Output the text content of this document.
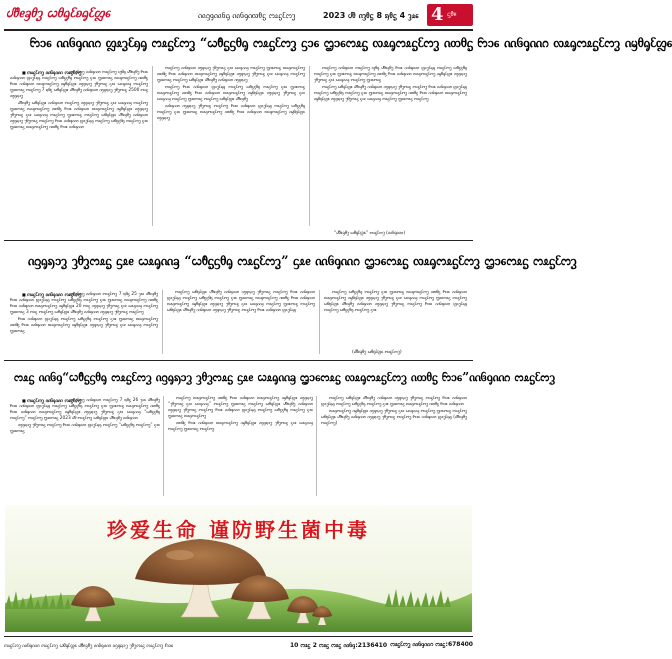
ᦔᦹᧉᦃᦲᧆ ᦍᦲᧂᦷᦈᧂᦷᦜᧈ	ᦶᦋᧁᦶᦑᧂ ᦶᦑᧁᦵᦟᦲᧃ ᦂᦸᧃᦷᦂᧆ	2023 ᦔᦲ ᦵᦡᦲᧃ 8 ᦣᦲᧃ 4 ᦡᦸᧈ 4 ᦓᦹᧉ
ᦝᦱᧈ ᦶᦑᧁᦶᦅ ᦜᦸᧆᦷᦏᧂ ᦂᦸᧃᦷᦂᧆ “ᦍᦹᧃᦓᦲᧂ ᦂᦸᧃᦷᦂᧆ ᦓᦱᧈ ᦗᦱᧈᦂᦸᧃ ᦟᦸᧂᦂᦸᧃᦷᦂᧆ ᦵᦎᦲᧃ ᦝᦱᧈ ᦶᦑᧁᦶᦅ ᦟᦸᧂᦂᦸᧃᦷᦂᧆ ᦵᦙᦲᧂᦷᦜᧈ
■ ᦂᦸᧃᦷᦂᧆ ᦶᦑᧁᦶᦅ ᦂᦸᧃᦷᦂᧆ

ᦂᦸᧃᦷᦂᧆ ᦶᦑᧁᦶᦅ ᦂᦸᧃᦷᦂᧆ ᦐᦲᧂ ᦔᦹᧉᦃᦲᧆ ᦝᦱᧈ ᦶᦑᧁᦶᦅ ᦜᦸᧆᦷᦏᧂ ᦂᦸᧃᦷᦂᧆ ᦍᦹᧃᦓᦲᧂ ᦂᦸᧃᦷᦂᧆ ᦓᦱᧈ ᦗᦱᧈᦂᦸᧃ ᦟᦸᧂᦂᦸᧃᦷᦂᧆ ᦵᦎᦲᧃ ᦝᦱᧈ ᦶᦑᧁᦶᦅ ᦟᦸᧂᦂᦸᧃᦷᦂᧆ ᦵᦙᦲᧂᦷᦜᧈ ᦵᦋᧂᦣᦱᧆ ᦡᦲᧆᦂᦸᧃ ᦓᦸᧉ ᦍᦸᧂᦶᦃ ᦂᦸᧃᦷᦂᧆ ᦗᦱᧈᦂᦸᧃ ᦂᦸᧃᦷᦂᧆ 7 ᦣᦲᧃ ᦍᦲᧂᦷᦜᧈ ᦔᦹᧉᦃᦲᧆ ᦶᦑᧁᦶᦅ ᦵᦋᧂᦣᦱᧆ ᦡᦲᧆᦂᦸᧃ 2500 ᦂᦸᧃ ᦵᦋᧂᦣᦱᧆ

ᦔᦹᧉᦃᦲᧆ ᦍᦲᧂᦷᦜᧈ ᦶᦑᧁᦶᦅ ᦂᦸᧃᦷᦂᧆ ᦵᦋᧂᦣᦱᧆ ᦡᦲᧆᦂᦸᧃ ᦓᦸᧉ ᦍᦸᧂᦶᦃ ᦂᦸᧃᦷᦂᧆ ᦗᦱᧈᦂᦸᧃ ᦟᦸᧂᦂᦸᧃᦷᦂᧆ ᦵᦎᦲᧃ ᦝᦱᧈ ᦶᦑᧁᦶᦅ ᦟᦸᧂᦂᦸᧃᦷᦂᧆ ᦵᦙᦲᧂᦷᦜᧈ ᦵᦋᧂᦣᦱᧆ ᦡᦲᧆᦂᦸᧃ ᦓᦸᧉ ᦍᦸᧂᦶᦃ ᦂᦸᧃᦷᦂᧆ ᦗᦱᧈᦂᦸᧃ ᦂᦸᧃᦷᦂᧆ ᦍᦲᧂᦷᦜᧈ ᦔᦹᧉᦃᦲᧆ ᦶᦑᧁᦶᦅ ᦵᦋᧂᦣᦱᧆ ᦡᦲᧆᦂᦸᧃ ᦂᦸᧃᦷᦂᧆ ᦝᦱᧈ ᦶᦑᧁᦶᦅ ᦜᦸᧆᦷᦏᧂ ᦂᦸᧃᦷᦂᧆ ᦍᦹᧃᦓᦲᧂ ᦂᦸᧃᦷᦂᧆ ᦓᦱᧈ ᦗᦱᧈᦂᦸᧃ ᦟᦸᧂᦂᦸᧃᦷᦂᧆ ᦵᦎᦲᧃ ᦝᦱᧈ ᦶᦑᧁᦶᦅ

ᦂᦸᧃᦷᦂᧆ ᦶᦑᧁᦶᦅ ᦵᦋᧂᦣᦱᧆ ᦡᦲᧆᦂᦸᧃ ᦓᦸᧉ ᦍᦸᧂᦶᦃ ᦂᦸᧃᦷᦂᧆ ᦗᦱᧈᦂᦸᧃ ᦟᦸᧂᦂᦸᧃᦷᦂᧆ ᦵᦎᦲᧃ ᦝᦱᧈ ᦶᦑᧁᦶᦅ ᦟᦸᧂᦂᦸᧃᦷᦂᧆ ᦵᦙᦲᧂᦷᦜᧈ ᦵᦋᧂᦣᦱᧆ ᦡᦲᧆᦂᦸᧃ ᦓᦸᧉ ᦍᦸᧂᦶᦃ ᦂᦸᧃᦷᦂᧆ ᦗᦱᧈᦂᦸᧃ ᦂᦸᧃᦷᦂᧆ ᦍᦲᧂᦷᦜᧈ ᦔᦹᧉᦃᦲᧆ ᦶᦑᧁᦶᦅ ᦵᦋᧂᦣᦱᧆ

ᦂᦸᧃᦷᦂᧆ ᦝᦱᧈ ᦶᦑᧁᦶᦅ ᦜᦸᧆᦷᦏᧂ ᦂᦸᧃᦷᦂᧆ ᦍᦹᧃᦓᦲᧂ ᦂᦸᧃᦷᦂᧆ ᦓᦱᧈ ᦗᦱᧈᦂᦸᧃ ᦟᦸᧂᦂᦸᧃᦷᦂᧆ ᦵᦎᦲᧃ ᦝᦱᧈ ᦶᦑᧁᦶᦅ ᦟᦸᧂᦂᦸᧃᦷᦂᧆ ᦵᦙᦲᧂᦷᦜᧈ ᦵᦋᧂᦣᦱᧆ ᦡᦲᧆᦂᦸᧃ ᦓᦸᧉ ᦍᦸᧂᦶᦃ ᦂᦸᧃᦷᦂᧆ ᦗᦱᧈᦂᦸᧃ ᦂᦸᧃᦷᦂᧆ ᦍᦲᧂᦷᦜᧈ ᦔᦹᧉᦃᦲᧆ

ᦶᦑᧁᦶᦅ ᦵᦋᧂᦣᦱᧆ ᦡᦲᧆᦂᦸᧃ ᦂᦸᧃᦷᦂᧆ ᦝᦱᧈ ᦶᦑᧁᦶᦅ ᦜᦸᧆᦷᦏᧂ ᦂᦸᧃᦷᦂᧆ ᦍᦹᧃᦓᦲᧂ ᦂᦸᧃᦷᦂᧆ ᦓᦱᧈ ᦗᦱᧈᦂᦸᧃ ᦟᦸᧂᦂᦸᧃᦷᦂᧆ ᦵᦎᦲᧃ ᦝᦱᧈ ᦶᦑᧁᦶᦅ ᦟᦸᧂᦂᦸᧃᦷᦂᧆ ᦵᦙᦲᧂᦷᦜᧈ ᦵᦋᧂᦣᦱᧆ

ᦂᦸᧃᦷᦂᧆ ᦶᦑᧁᦶᦅ ᦂᦸᧃᦷᦂᧆ ᦐᦲᧂ ᦔᦹᧉᦃᦲᧆ ᦝᦱᧈ ᦶᦑᧁᦶᦅ ᦜᦸᧆᦷᦏᧂ ᦂᦸᧃᦷᦂᧆ ᦍᦹᧃᦓᦲᧂ ᦂᦸᧃᦷᦂᧆ ᦓᦱᧈ ᦗᦱᧈᦂᦸᧃ ᦟᦸᧂᦂᦸᧃᦷᦂᧆ ᦵᦎᦲᧃ ᦝᦱᧈ ᦶᦑᧁᦶᦅ ᦟᦸᧂᦂᦸᧃᦷᦂᧆ ᦵᦙᦲᧂᦷᦜᧈ ᦵᦋᧂᦣᦱᧆ ᦡᦲᧆᦂᦸᧃ ᦓᦸᧉ ᦍᦸᧂᦶᦃ ᦂᦸᧃᦷᦂᧆ ᦗᦱᧈᦂᦸᧃ

ᦂᦸᧃᦷᦂᧆ ᦍᦲᧂᦷᦜᧈ ᦔᦹᧉᦃᦲᧆ ᦶᦑᧁᦶᦅ ᦵᦋᧂᦣᦱᧆ ᦡᦲᧆᦂᦸᧃ ᦂᦸᧃᦷᦂᧆ ᦝᦱᧈ ᦶᦑᧁᦶᦅ ᦜᦸᧆᦷᦏᧂ ᦂᦸᧃᦷᦂᧆ ᦍᦹᧃᦓᦲᧂ ᦂᦸᧃᦷᦂᧆ ᦓᦱᧈ ᦗᦱᧈᦂᦸᧃ ᦟᦸᧂᦂᦸᧃᦷᦂᧆ ᦵᦎᦲᧃ ᦝᦱᧈ ᦶᦑᧁᦶᦅ ᦟᦸᧂᦂᦸᧃᦷᦂᧆ ᦵᦙᦲᧂᦷᦜᧈ ᦵᦋᧂᦣᦱᧆ ᦡᦲᧆᦂᦸᧃ ᦓᦸᧉ ᦍᦸᧂᦶᦃ ᦂᦸᧃᦷᦂᧆ ᦗᦱᧈᦂᦸᧃ ᦂᦸᧃᦷᦂᧆ

“ᦔᦹᧉᦃᦲᧆ ᦍᦲᧂᦷᦜᧈ” ᦂᦸᧃᦷᦂᧆ (ᦶᦑᧁᦶᦅ)
ᦵᦋᧂᦣᦱᧆ ᦡᦲᧆᦂᦸᧃ ᦓᦸᧉ ᦍᦸᧂᦶᦃ “ᦍᦹᧃᦓᦲᧂ ᦂᦸᧃᦷᦂᧆ” ᦓᦸᧉ ᦶᦑᧁᦶᦅ ᦗᦱᧈᦂᦸᧃ ᦟᦸᧂᦂᦸᧃᦷᦂᧆ ᦗᦱᧈᦂᦸᧃ ᦂᦸᧃᦷᦂᧆ
■ ᦂᦸᧃᦷᦂᧆ ᦶᦑᧁᦶᦅ ᦂᦸᧃᦷᦂᧆ

ᦂᦸᧃᦷᦂᧆ ᦶᦑᧁᦶᦅ ᦂᦸᧃᦷᦂᧆ 7 ᦣᦲᧃ 25 ᦡᦸᧈ ᦔᦹᧉᦃᦲᧆ ᦝᦱᧈ ᦶᦑᧁᦶᦅ ᦜᦸᧆᦷᦏᧂ ᦂᦸᧃᦷᦂᧆ ᦍᦹᧃᦓᦲᧂ ᦂᦸᧃᦷᦂᧆ ᦓᦱᧈ ᦗᦱᧈᦂᦸᧃ ᦟᦸᧂᦂᦸᧃᦷᦂᧆ ᦵᦎᦲᧃ ᦝᦱᧈ ᦶᦑᧁᦶᦅ ᦟᦸᧂᦂᦸᧃᦷᦂᧆ ᦵᦙᦲᧂᦷᦜᧈ 20 ᦂᦸᧃ ᦵᦋᧂᦣᦱᧆ ᦡᦲᧆᦂᦸᧃ ᦓᦸᧉ ᦍᦸᧂᦶᦃ ᦂᦸᧃᦷᦂᧆ ᦗᦱᧈᦂᦸᧃ 3 ᦂᦸᧃ ᦂᦸᧃᦷᦂᧆ ᦍᦲᧂᦷᦜᧈ ᦔᦹᧉᦃᦲᧆ ᦶᦑᧁᦶᦅ ᦵᦋᧂᦣᦱᧆ ᦡᦲᧆᦂᦸᧃ ᦂᦸᧃᦷᦂᧆ

ᦝᦱᧈ ᦶᦑᧁᦶᦅ ᦜᦸᧆᦷᦏᧂ ᦂᦸᧃᦷᦂᧆ ᦍᦹᧃᦓᦲᧂ ᦂᦸᧃᦷᦂᧆ ᦓᦱᧈ ᦗᦱᧈᦂᦸᧃ ᦟᦸᧂᦂᦸᧃᦷᦂᧆ ᦵᦎᦲᧃ ᦝᦱᧈ ᦶᦑᧁᦶᦅ ᦟᦸᧂᦂᦸᧃᦷᦂᧆ ᦵᦙᦲᧂᦷᦜᧈ ᦵᦋᧂᦣᦱᧆ ᦡᦲᧆᦂᦸᧃ ᦓᦸᧉ ᦍᦸᧂᦶᦃ ᦂᦸᧃᦷᦂᧆ ᦗᦱᧈᦂᦸᧃ

ᦂᦸᧃᦷᦂᧆ ᦍᦲᧂᦷᦜᧈ ᦔᦹᧉᦃᦲᧆ ᦶᦑᧁᦶᦅ ᦵᦋᧂᦣᦱᧆ ᦡᦲᧆᦂᦸᧃ ᦂᦸᧃᦷᦂᧆ ᦝᦱᧈ ᦶᦑᧁᦶᦅ ᦜᦸᧆᦷᦏᧂ ᦂᦸᧃᦷᦂᧆ ᦍᦹᧃᦓᦲᧂ ᦂᦸᧃᦷᦂᧆ ᦓᦱᧈ ᦗᦱᧈᦂᦸᧃ ᦟᦸᧂᦂᦸᧃᦷᦂᧆ ᦵᦎᦲᧃ ᦝᦱᧈ ᦶᦑᧁᦶᦅ ᦟᦸᧂᦂᦸᧃᦷᦂᧆ ᦵᦙᦲᧂᦷᦜᧈ ᦵᦋᧂᦣᦱᧆ ᦡᦲᧆᦂᦸᧃ ᦓᦸᧉ ᦍᦸᧂᦶᦃ ᦂᦸᧃᦷᦂᧆ ᦗᦱᧈᦂᦸᧃ ᦂᦸᧃᦷᦂᧆ ᦍᦲᧂᦷᦜᧈ ᦔᦹᧉᦃᦲᧆ ᦶᦑᧁᦶᦅ ᦵᦋᧂᦣᦱᧆ ᦡᦲᧆᦂᦸᧃ ᦂᦸᧃᦷᦂᧆ ᦝᦱᧈ ᦶᦑᧁᦶᦅ ᦜᦸᧆᦷᦏᧂ

ᦂᦸᧃᦷᦂᧆ ᦍᦹᧃᦓᦲᧂ ᦂᦸᧃᦷᦂᧆ ᦓᦱᧈ ᦗᦱᧈᦂᦸᧃ ᦟᦸᧂᦂᦸᧃᦷᦂᧆ ᦵᦎᦲᧃ ᦝᦱᧈ ᦶᦑᧁᦶᦅ ᦟᦸᧂᦂᦸᧃᦷᦂᧆ ᦵᦙᦲᧂᦷᦜᧈ ᦵᦋᧂᦣᦱᧆ ᦡᦲᧆᦂᦸᧃ ᦓᦸᧉ ᦍᦸᧂᦶᦃ ᦂᦸᧃᦷᦂᧆ ᦗᦱᧈᦂᦸᧃ ᦂᦸᧃᦷᦂᧆ ᦍᦲᧂᦷᦜᧈ ᦔᦹᧉᦃᦲᧆ ᦶᦑᧁᦶᦅ ᦵᦋᧂᦣᦱᧆ ᦡᦲᧆᦂᦸᧃ ᦂᦸᧃᦷᦂᧆ ᦝᦱᧈ ᦶᦑᧁᦶᦅ ᦜᦸᧆᦷᦏᧂ ᦂᦸᧃᦷᦂᧆ ᦍᦹᧃᦓᦲᧂ ᦂᦸᧃᦷᦂᧆ ᦓᦱᧈ

(ᦔᦹᧉᦃᦲᧆ ᦍᦲᧂᦷᦜᧈ ᦂᦸᧃᦷᦂᧆ)
ᦂᦸᧃ ᦶᦑᧁ“ᦍᦹᧃᦓᦲᧂ ᦂᦸᧃᦷᦂᧆ ᦵᦋᧂᦣᦱᧆ ᦡᦲᧆᦂᦸᧃ ᦓᦸᧉ ᦍᦸᧂᦶᦃ ᦗᦱᧈᦂᦸᧃ ᦟᦸᧂᦂᦸᧃᦷᦂᧆ ᦵᦎᦲᧃ ᦝᦱᧈ”ᦶᦑᧁᦶᦅ ᦂᦸᧃᦷᦂᧆ
■ ᦂᦸᧃᦷᦂᧆ ᦶᦑᧁᦶᦅ ᦂᦸᧃᦷᦂᧆ

ᦂᦸᧃᦷᦂᧆ ᦶᦑᧁᦶᦅ ᦂᦸᧃᦷᦂᧆ 7 ᦣᦲᧃ 26 ᦡᦸᧈ ᦔᦹᧉᦃᦲᧆ ᦝᦱᧈ ᦶᦑᧁᦶᦅ ᦜᦸᧆᦷᦏᧂ ᦂᦸᧃᦷᦂᧆ ᦍᦹᧃᦓᦲᧂ ᦂᦸᧃᦷᦂᧆ ᦓᦱᧈ ᦗᦱᧈᦂᦸᧃ ᦟᦸᧂᦂᦸᧃᦷᦂᧆ ᦵᦎᦲᧃ ᦝᦱᧈ ᦶᦑᧁᦶᦅ ᦟᦸᧂᦂᦸᧃᦷᦂᧆ ᦵᦙᦲᧂᦷᦜᧈ ᦵᦋᧂᦣᦱᧆ ᦡᦲᧆᦂᦸᧃ ᦓᦸᧉ ᦍᦸᧂᦶᦃ “ᦍᦹᧃᦓᦲᧂ ᦂᦸᧃᦷᦂᧆ” ᦂᦸᧃᦷᦂᧆ ᦗᦱᧈᦂᦸᧃ 2023 ᦔᦲ ᦂᦸᧃᦷᦂᧆ ᦍᦲᧂᦷᦜᧈ ᦔᦹᧉᦃᦲᧆ ᦶᦑᧁᦶᦅ

ᦵᦋᧂᦣᦱᧆ ᦡᦲᧆᦂᦸᧃ ᦂᦸᧃᦷᦂᧆ ᦝᦱᧈ ᦶᦑᧁᦶᦅ ᦜᦸᧆᦷᦏᧂ ᦂᦸᧃᦷᦂᧆ “ᦍᦹᧃᦓᦲᧂ ᦂᦸᧃᦷᦂᧆ” ᦓᦱᧈ ᦗᦱᧈᦂᦸᧃ

ᦂᦸᧃᦷᦂᧆ ᦟᦸᧂᦂᦸᧃᦷᦂᧆ ᦵᦎᦲᧃ ᦝᦱᧈ ᦶᦑᧁᦶᦅ ᦟᦸᧂᦂᦸᧃᦷᦂᧆ ᦵᦙᦲᧂᦷᦜᧈ ᦵᦋᧂᦣᦱᧆ “ᦡᦲᧆᦂᦸᧃ ᦓᦸᧉ ᦍᦸᧂᦶᦃ” ᦂᦸᧃᦷᦂᧆ ᦗᦱᧈᦂᦸᧃ ᦂᦸᧃᦷᦂᧆ ᦍᦲᧂᦷᦜᧈ ᦔᦹᧉᦃᦲᧆ ᦶᦑᧁᦶᦅ ᦵᦋᧂᦣᦱᧆ ᦡᦲᧆᦂᦸᧃ ᦂᦸᧃᦷᦂᧆ ᦝᦱᧈ ᦶᦑᧁᦶᦅ ᦜᦸᧆᦷᦏᧂ ᦂᦸᧃᦷᦂᧆ ᦍᦹᧃᦓᦲᧂ ᦂᦸᧃᦷᦂᧆ ᦓᦱᧈ ᦗᦱᧈᦂᦸᧃ ᦟᦸᧂᦂᦸᧃᦷᦂᧆ

ᦵᦎᦲᧃ ᦝᦱᧈ ᦶᦑᧁᦶᦅ ᦟᦸᧂᦂᦸᧃᦷᦂᧆ ᦵᦙᦲᧂᦷᦜᧈ ᦵᦋᧂᦣᦱᧆ ᦡᦲᧆᦂᦸᧃ ᦓᦸᧉ ᦍᦸᧂᦶᦃ ᦂᦸᧃᦷᦂᧆ ᦗᦱᧈᦂᦸᧃ ᦂᦸᧃᦷᦂᧆ

ᦂᦸᧃᦷᦂᧆ ᦍᦲᧂᦷᦜᧈ ᦔᦹᧉᦃᦲᧆ ᦶᦑᧁᦶᦅ ᦵᦋᧂᦣᦱᧆ ᦡᦲᧆᦂᦸᧃ ᦂᦸᧃᦷᦂᧆ ᦝᦱᧈ ᦶᦑᧁᦶᦅ ᦜᦸᧆᦷᦏᧂ ᦂᦸᧃᦷᦂᧆ ᦍᦹᧃᦓᦲᧂ ᦂᦸᧃᦷᦂᧆ ᦓᦱᧈ ᦗᦱᧈᦂᦸᧃ ᦟᦸᧂᦂᦸᧃᦷᦂᧆ ᦵᦎᦲᧃ ᦝᦱᧈ ᦶᦑᧁᦶᦅ

ᦟᦸᧂᦂᦸᧃᦷᦂᧆ ᦵᦙᦲᧂᦷᦜᧈ ᦵᦋᧂᦣᦱᧆ ᦡᦲᧆᦂᦸᧃ ᦓᦸᧉ ᦍᦸᧂᦶᦃ ᦂᦸᧃᦷᦂᧆ ᦗᦱᧈᦂᦸᧃ ᦂᦸᧃᦷᦂᧆ ᦍᦲᧂᦷᦜᧈ ᦔᦹᧉᦃᦲᧆ ᦶᦑᧁᦶᦅ ᦵᦋᧂᦣᦱᧆ ᦡᦲᧆᦂᦸᧃ ᦂᦸᧃᦷᦂᧆ ᦝᦱᧈ ᦶᦑᧁᦶᦅ ᦜᦸᧆᦷᦏᧂ (ᦔᦹᧉᦃᦲᧆ ᦂᦸᧃᦷᦂᧆ)

珍爱生命 谨防野生菌中毒
ᦂᦸᧃᦷᦂᧆ ᦶᦑᧁᦶᦅ ᦂᦸᧃᦷᦂᧆ ᦍᦲᧂᦷᦜᧈ ᦔᦹᧉᦃᦲᧆ ᦶᦑᧁᦶᦅ ᦵᦋᧂᦣᦱᧆ ᦡᦲᧆᦂᦸᧃ ᦂᦸᧃᦷᦂᧆ ᦝᦱᧈ	10 ᦂᦸᧃ 2 ᦂᦸᧃ ᦂᦸᧃ ᦶᦑᧁ:2136410 ᦂᦸᧃᦷᦂᧆ ᦶᦑᧁᦶᦅ ᦂᦸᧃ:678400
